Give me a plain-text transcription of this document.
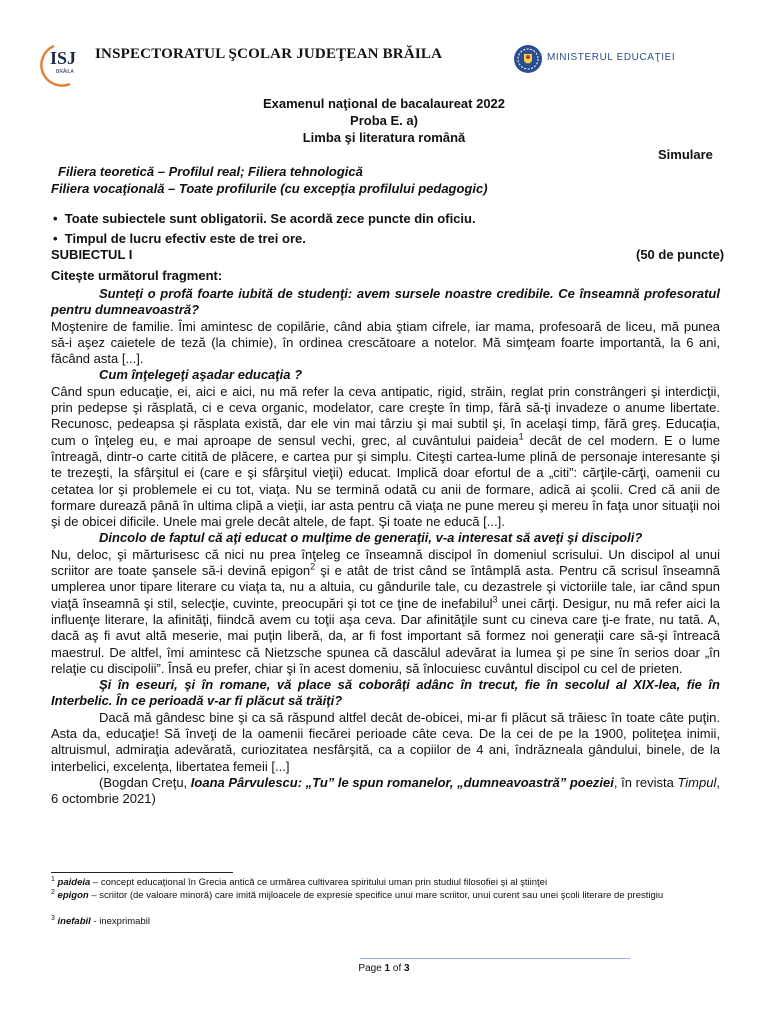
ISJ
BRĂILA
INSPECTORATUL ŞCOLAR JUDEŢEAN BRĂILA	MINISTERUL EDUCAŢIEI
Examenul naţional de bacalaureat 2022
Proba E. a)
Limba şi literatura română
Simulare
Filiera teoretică – Profilul real; Filiera tehnologică
Filiera vocaţională – Toate profilurile (cu excepţia profilului pedagogic)
• Toate subiectele sunt obligatorii. Se acordă zece puncte din oficiu.
• Timpul de lucru efectiv este de trei ore.
SUBIECTUL I	(50 de puncte)
Citeşte următorul fragment:

Sunteţi o profă foarte iubită de studenţi: avem sursele noastre credibile. Ce înseamnă profesoratul pentru dumneavoastră?

Moştenire de familie. Îmi amintesc de copilărie, când abia ştiam cifrele, iar mama, profesoară de liceu, mă punea să-i aşez caietele de teză (la chimie), în ordinea crescătoare a notelor. Mă simţeam foarte importantă, la 6 ani, făcând asta [...].

Cum înţelegeţi aşadar educaţia ?

Când spun educaţie, ei, aici e aici, nu mă refer la ceva antipatic, rigid, străin, reglat prin constrângeri şi interdicţii, prin pedepse şi răsplată, ci e ceva organic, modelator, care creşte în timp, fără să-ţi invadeze o anume libertate. Recunosc, pedeapsa şi răsplata există, dar ele vin mai târziu şi mai subtil şi, în acelaşi timp, fără greş. Educaţia, cum o înţeleg eu, e mai aproape de sensul vechi, grec, al cuvântului paideia$^1$ decât de cel modern. E o lume întreagă, dintr-o carte citită de plăcere, e cartea pur şi simplu. Citeşti cartea-lume plină de personaje interesante şi te trezeşti, la sfârşitul ei (care e şi sfârşitul vieţii) educat. Implică doar efortul de a „citi”: cărţile-cărţi, oamenii cu cetatea lor şi problemele ei cu tot, viaţa. Nu se termină odată cu anii de formare, adică ai şcolii. Cred că anii de formare durează până în ultima clipă a vieţii, iar asta pentru că viaţa ne pune mereu şi mereu în faţa unor situaţii noi şi de obicei dificile. Unele mai grele decât altele, de fapt. Şi toate ne educă [...].

Dincolo de faptul că aţi educat o mulţime de generaţii, v-a interesat să aveţi şi discipoli?

Nu, deloc, şi mărturisesc că nici nu prea înţeleg ce înseamnă discipol în domeniul scrisului. Un discipol al unui scriitor are toate şansele să-i devină epigon$^2$ şi e atât de trist când se întâmplă asta. Pentru că scrisul înseamnă umplerea unor tipare literare cu viaţa ta, nu a altuia, cu gândurile tale, cu dezastrele şi victoriile tale, iar când spun viaţă înseamnă şi stil, selecţie, cuvinte, preocupări şi tot ce ţine de inefabilul$^3$ unei cărţi. Desigur, nu mă refer aici la influenţe literare, la afinităţi, fiindcă avem cu toţii aşa ceva. Dar afinităţile sunt cu cineva care ţi-e frate, nu tată. A, dacă aş fi avut altă meserie, mai puţin liberă, da, ar fi fost important să formez noi generaţii care să-şi întreacă maestrul. De altfel, îmi amintesc că Nietzsche spunea că dascălul adevărat ia lumea şi pe sine în serios doar „în relaţie cu discipolii”. Însă eu prefer, chiar şi în acest domeniu, să înlocuiesc cuvântul discipol cu cel de prieten.

Şi în eseuri, şi în romane, vă place să coborâţi adânc în trecut, fie în secolul al XIX-lea, fie în Interbelic. În ce perioadă v-ar fi plăcut să trăiţi?

Dacă mă gândesc bine şi ca să răspund altfel decât de-obicei, mi-ar fi plăcut să trăiesc în toate câte puţin. Asta da, educaţie! Să înveţi de la oamenii fiecărei perioade câte ceva. De la cei de pe la 1900, politeţea inimii, altruismul, admiraţia adevărată, curiozitatea nesfârşită, ca a copiilor de 4 ani, îndrăzneala gândului, binele, de la interbelici, excelenţa, libertatea femeii [...]

(Bogdan Creţu, Ioana Pârvulescu: „Tu” le spun romanelor, „dumneavoastră” poeziei, în revista Timpul, 6 octombrie 2021)

$^1$ paideia – concept educaţional în Grecia antică ce urmărea cultivarea spiritului uman prin studiul filosofiei şi al ştiinţei
$^2$ epigon – scriitor (de valoare minoră) care imită mijloacele de expresie specifice unui mare scriitor, unui curent sau unei şcoli literare de prestigiu
$^3$ inefabil - inexprimabil
Page 1 of 3
